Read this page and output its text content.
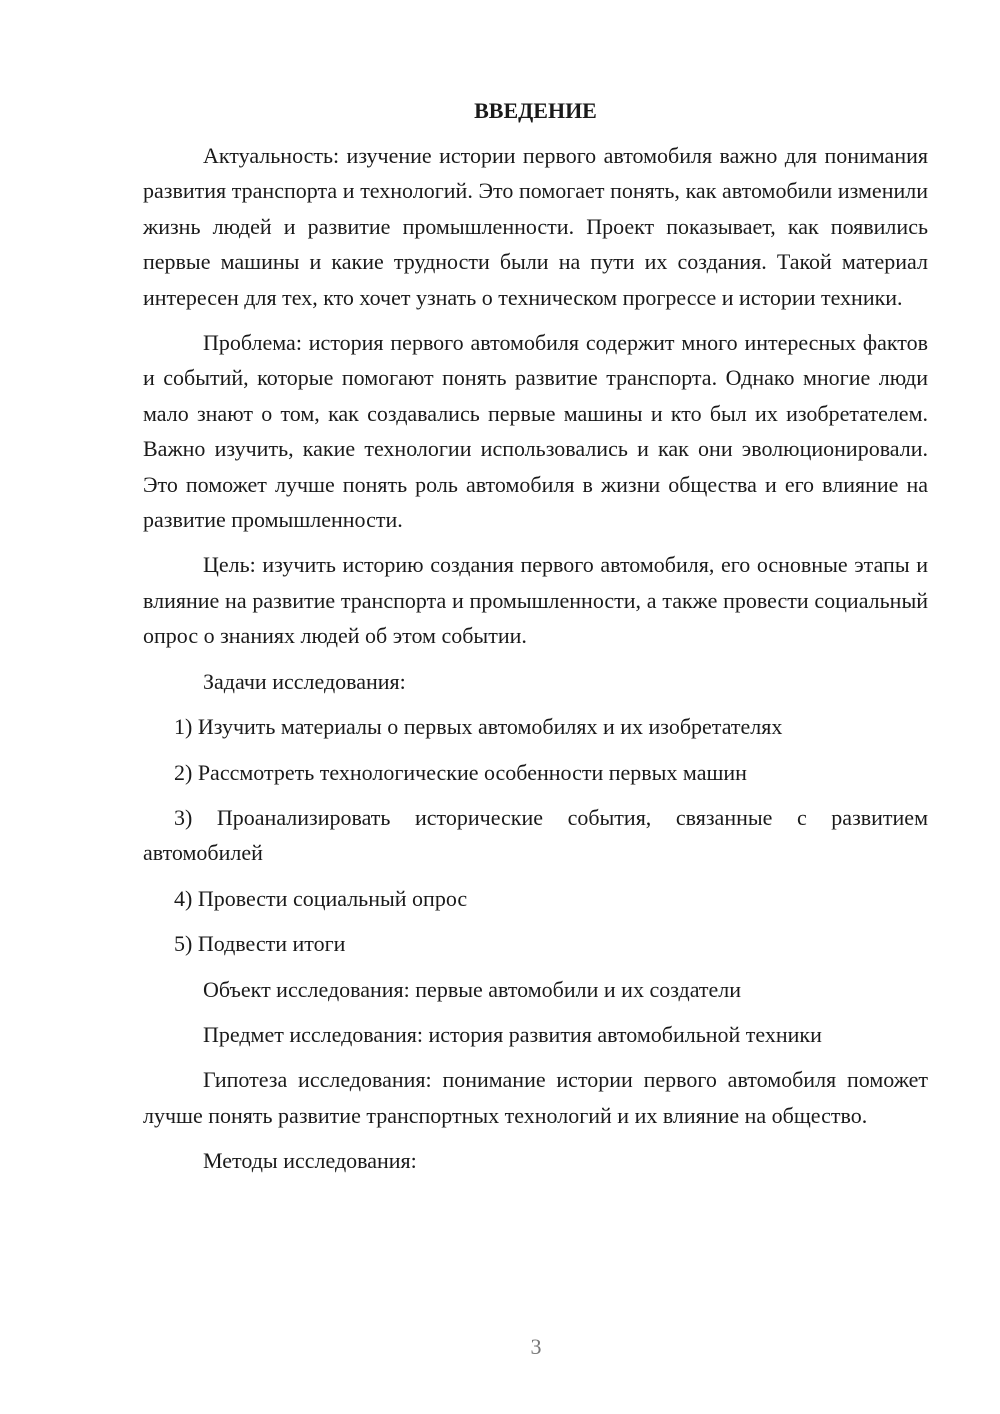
ВВЕДЕНИЕ

Актуальность: изучение истории первого автомобиля важно для понимания развития транспорта и технологий. Это помогает понять, как автомобили изменили жизнь людей и развитие промышленности. Проект показывает, как появились первые машины и какие трудности были на пути их создания. Такой материал интересен для тех, кто хочет узнать о техническом прогрессе и истории техники.

Проблема: история первого автомобиля содержит много интересных фактов и событий, которые помогают понять развитие транспорта. Однако многие люди мало знают о том, как создавались первые машины и кто был их изобретателем. Важно изучить, какие технологии использовались и как они эволюционировали. Это поможет лучше понять роль автомобиля в жизни общества и его влияние на развитие промышленности.

Цель: изучить историю создания первого автомобиля, его основные этапы и влияние на развитие транспорта и промышленности, а также провести социальный опрос о знаниях людей об этом событии.

Задачи исследования:

1) Изучить материалы о первых автомобилях и их изобретателях

2) Рассмотреть технологические особенности первых машин

3) Проанализировать исторические события, связанные с развитием автомобилей

4) Провести социальный опрос

5) Подвести итоги

Объект исследования: первые автомобили и их создатели

Предмет исследования: история развития автомобильной техники

Гипотеза исследования: понимание истории первого автомобиля поможет лучше понять развитие транспортных технологий и их влияние на общество.

Методы исследования:

3
